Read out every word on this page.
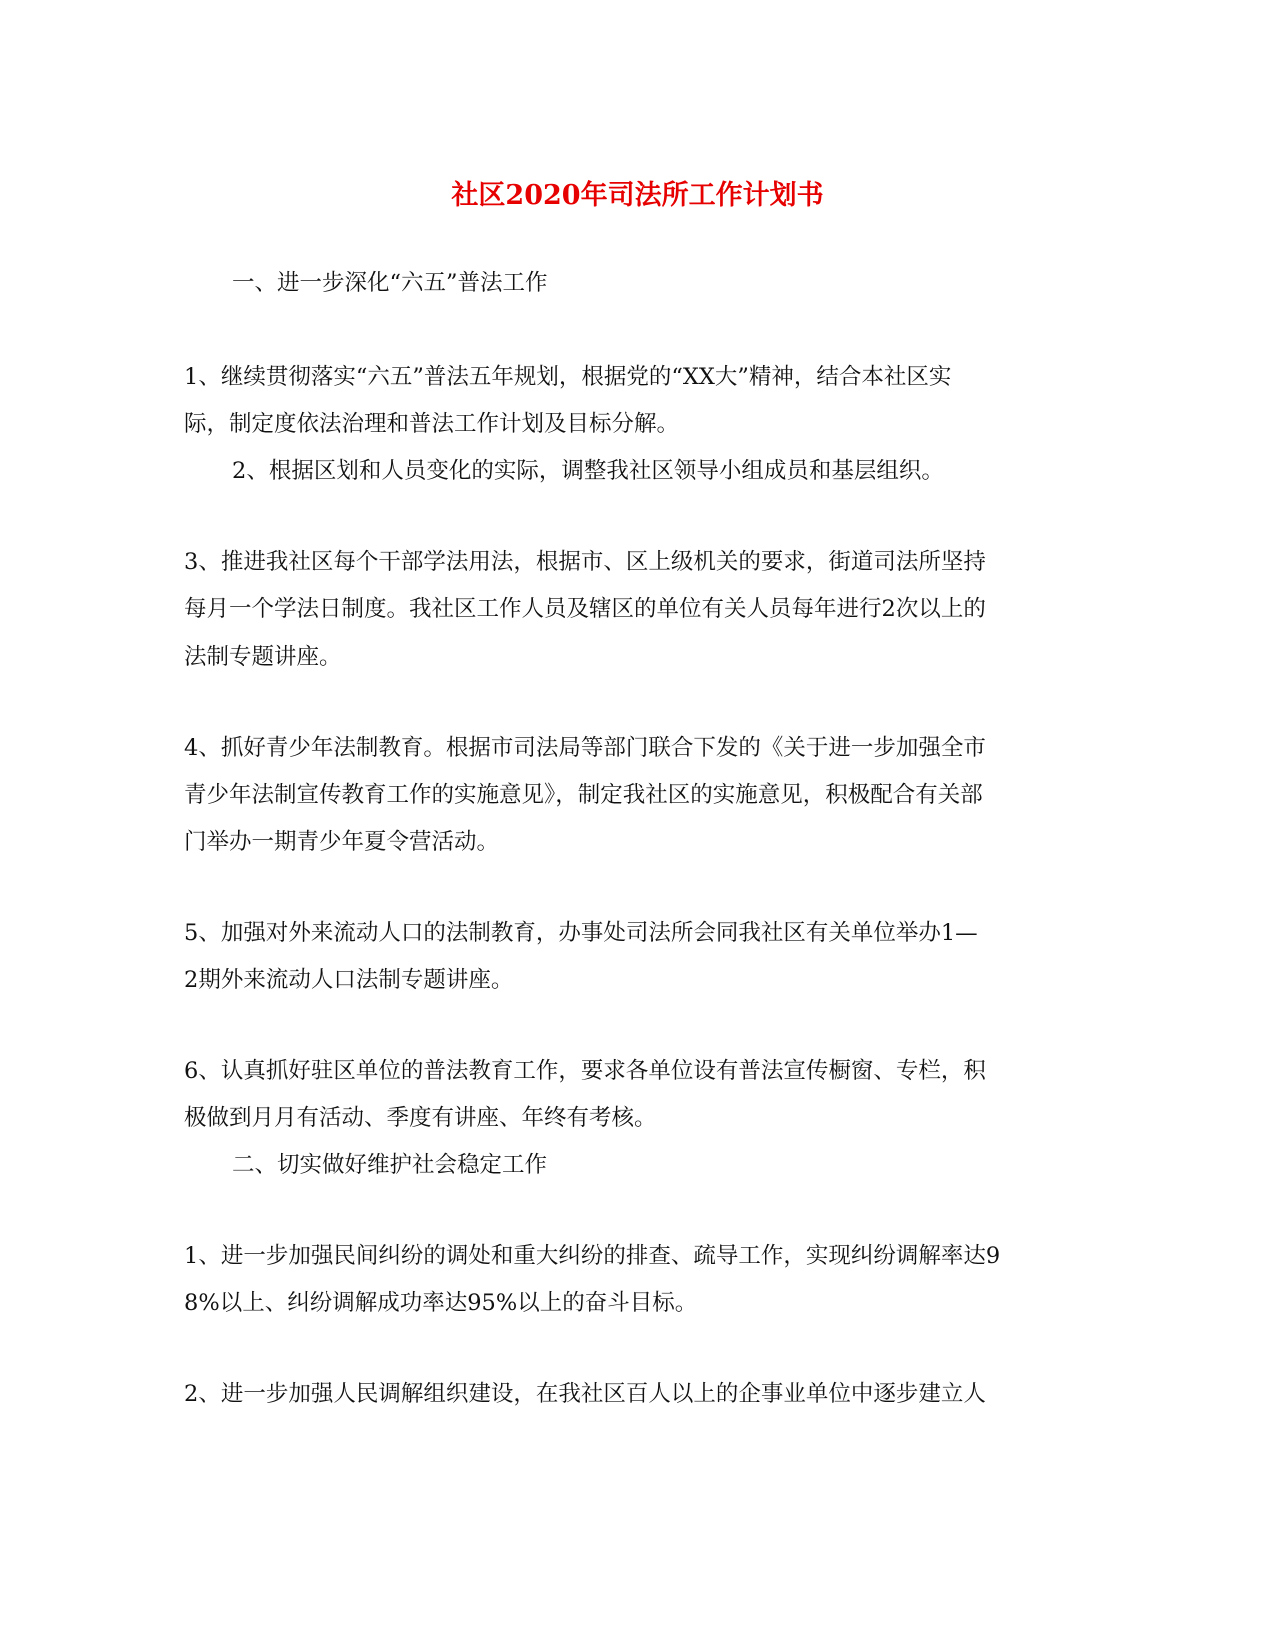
社区2020年司法所工作计划书
一、进一步深化“六五”普法工作
1、继续贯彻落实“六五”普法五年规划，根据党的“XX大”精神，结合本社区实
际，制定度依法治理和普法工作计划及目标分解。
2、根据区划和人员变化的实际，调整我社区领导小组成员和基层组织。
3、推进我社区每个干部学法用法，根据市、区上级机关的要求，街道司法所坚持
每月一个学法日制度。我社区工作人员及辖区的单位有关人员每年进行2次以上的
法制专题讲座。
4、抓好青少年法制教育。根据市司法局等部门联合下发的《关于进一步加强全市
青少年法制宣传教育工作的实施意见》，制定我社区的实施意见，积极配合有关部
门举办一期青少年夏令营活动。
5、加强对外来流动人口的法制教育，办事处司法所会同我社区有关单位举办1—
2期外来流动人口法制专题讲座。
6、认真抓好驻区单位的普法教育工作，要求各单位设有普法宣传橱窗、专栏，积
极做到月月有活动、季度有讲座、年终有考核。
二、切实做好维护社会稳定工作
1、进一步加强民间纠纷的调处和重大纠纷的排查、疏导工作，实现纠纷调解率达9
8%以上、纠纷调解成功率达95%以上的奋斗目标。
2、进一步加强人民调解组织建设，在我社区百人以上的企事业单位中逐步建立人
